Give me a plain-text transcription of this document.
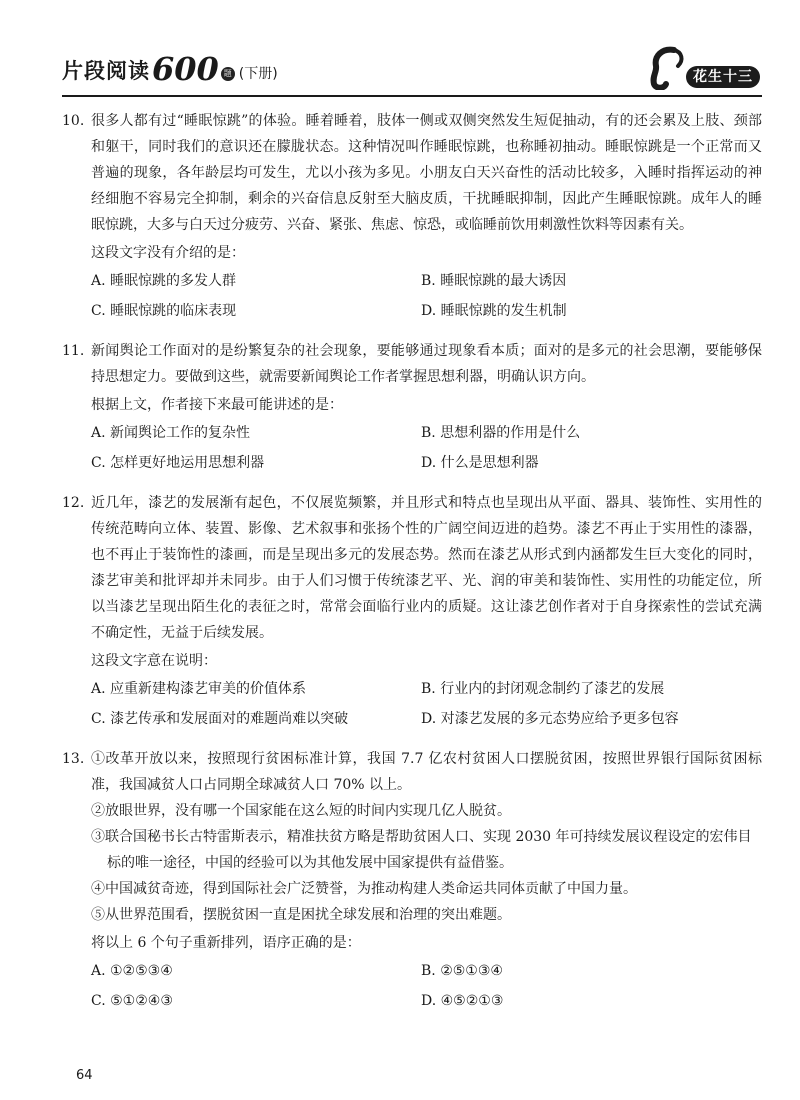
片段阅读 600 题 (下册)	花生十三
10. 很多人都有过“睡眠惊跳”的体验。睡着睡着，肢体一侧或双侧突然发生短促抽动，有的还会累及上肢、颈部和躯干，同时我们的意识还在朦胧状态。这种情况叫作睡眠惊跳，也称睡初抽动。睡眠惊跳是一个正常而又普遍的现象，各年龄层均可发生，尤以小孩为多见。小朋友白天兴奋性的活动比较多，入睡时指挥运动的神经细胞不容易完全抑制，剩余的兴奋信息反射至大脑皮质，干扰睡眠抑制，因此产生睡眠惊跳。成年人的睡眠惊跳，大多与白天过分疲劳、兴奋、紧张、焦虑、惊恐，或临睡前饮用刺激性饮料等因素有关。
这段文字没有介绍的是：
A. 睡眠惊跳的多发人群	B. 睡眠惊跳的最大诱因
C. 睡眠惊跳的临床表现	D. 睡眠惊跳的发生机制
11. 新闻舆论工作面对的是纷繁复杂的社会现象，要能够通过现象看本质；面对的是多元的社会思潮，要能够保持思想定力。要做到这些，就需要新闻舆论工作者掌握思想利器，明确认识方向。
根据上文，作者接下来最可能讲述的是：
A. 新闻舆论工作的复杂性	B. 思想利器的作用是什么
C. 怎样更好地运用思想利器	D. 什么是思想利器
12. 近几年，漆艺的发展渐有起色，不仅展览频繁，并且形式和特点也呈现出从平面、器具、装饰性、实用性的传统范畴向立体、装置、影像、艺术叙事和张扬个性的广阔空间迈进的趋势。漆艺不再止于实用性的漆器，也不再止于装饰性的漆画，而是呈现出多元的发展态势。然而在漆艺从形式到内涵都发生巨大变化的同时，漆艺审美和批评却并未同步。由于人们习惯于传统漆艺平、光、润的审美和装饰性、实用性的功能定位，所以当漆艺呈现出陌生化的表征之时，常常会面临行业内的质疑。这让漆艺创作者对于自身探索性的尝试充满不确定性，无益于后续发展。
这段文字意在说明：
A. 应重新建构漆艺审美的价值体系	B. 行业内的封闭观念制约了漆艺的发展
C. 漆艺传承和发展面对的难题尚难以突破	D. 对漆艺发展的多元态势应给予更多包容
13. ①改革开放以来，按照现行贫困标准计算，我国 7.7 亿农村贫困人口摆脱贫困，按照世界银行国际贫困标准，我国减贫人口占同期全球减贫人口 70% 以上。
②放眼世界，没有哪一个国家能在这么短的时间内实现几亿人脱贫。
③联合国秘书长古特雷斯表示，精准扶贫方略是帮助贫困人口、实现 2030 年可持续发展议程设定的宏伟目标的唯一途径，中国的经验可以为其他发展中国家提供有益借鉴。
④中国减贫奇迹，得到国际社会广泛赞誉，为推动构建人类命运共同体贡献了中国力量。
⑤从世界范围看，摆脱贫困一直是困扰全球发展和治理的突出难题。
将以上 6 个句子重新排列，语序正确的是：
A. ①②⑤③④	B. ②⑤①③④
C. ⑤①②④③	D. ④⑤②①③
64
